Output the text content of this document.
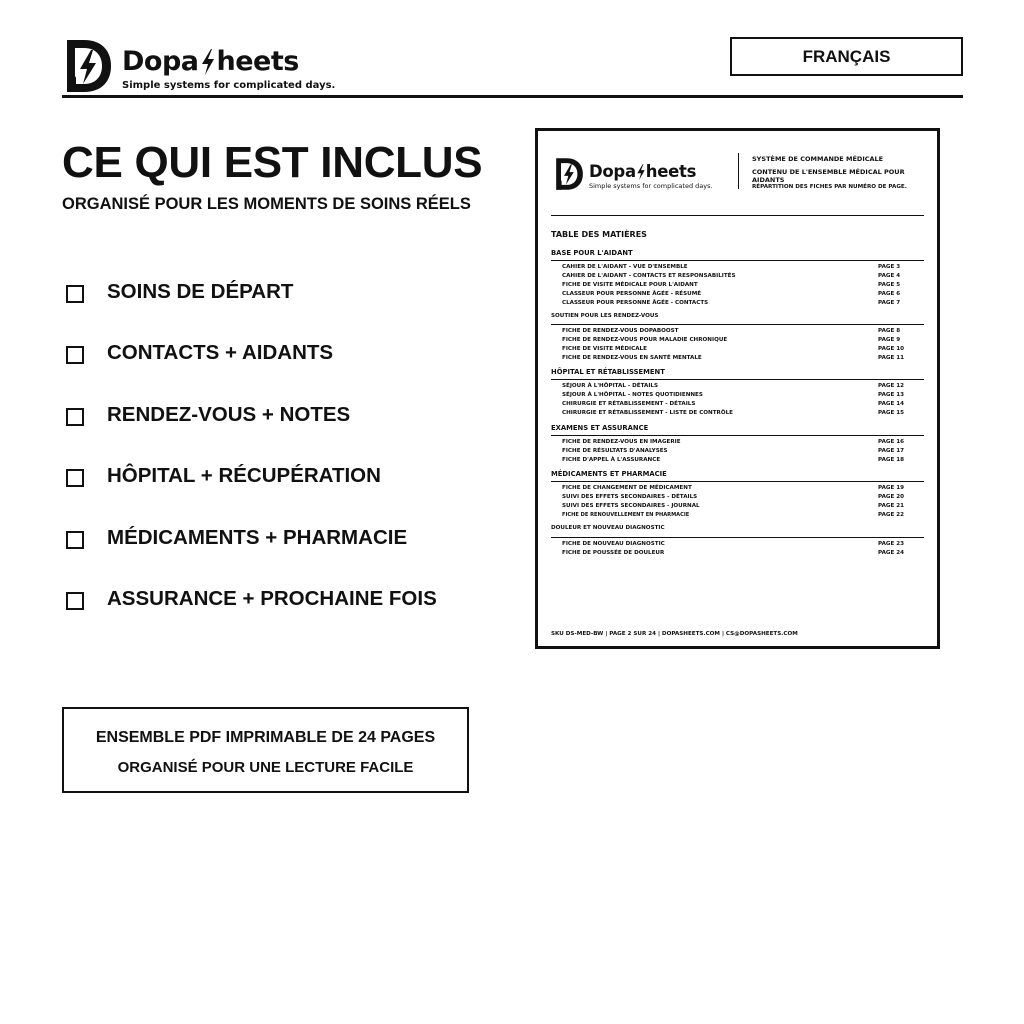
Dopa heets
Simple systems for complicated days.
FRANÇAIS
CE QUI EST INCLUS
ORGANISÉ POUR LES MOMENTS DE SOINS RÉELS
SOINS DE DÉPART
CONTACTS + AIDANTS
RENDEZ-VOUS + NOTES
HÔPITAL + RÉCUPÉRATION
MÉDICAMENTS + PHARMACIE
ASSURANCE + PROCHAINE FOIS
ENSEMBLE PDF IMPRIMABLE DE 24 PAGES
ORGANISÉ POUR UNE LECTURE FACILE
Dopa heets
Simple systems for complicated days.
SYSTÈME DE COMMANDE MÉDICALE
CONTENU DE L'ENSEMBLE MÉDICAL POUR AIDANTS
RÉPARTITION DES FICHES PAR NUMÉRO DE PAGE.
TABLE DES MATIÈRES
BASE POUR L'AIDANT
CAHIER DE L'AIDANT - VUE D'ENSEMBLE	PAGE 3
CAHIER DE L'AIDANT - CONTACTS ET RESPONSABILITÉS	PAGE 4
FICHE DE VISITE MÉDICALE POUR L'AIDANT	PAGE 5
CLASSEUR POUR PERSONNE ÂGÉE - RÉSUMÉ	PAGE 6
CLASSEUR POUR PERSONNE ÂGÉE - CONTACTS	PAGE 7
SOUTIEN POUR LES RENDEZ-VOUS
FICHE DE RENDEZ-VOUS DOPABOOST	PAGE 8
FICHE DE RENDEZ-VOUS POUR MALADIE CHRONIQUE	PAGE 9
FICHE DE VISITE MÉDICALE	PAGE 10
FICHE DE RENDEZ-VOUS EN SANTÉ MENTALE	PAGE 11
HÔPITAL ET RÉTABLISSEMENT
SÉJOUR À L'HÔPITAL - DÉTAILS	PAGE 12
SÉJOUR À L'HÔPITAL - NOTES QUOTIDIENNES	PAGE 13
CHIRURGIE ET RÉTABLISSEMENT - DÉTAILS	PAGE 14
CHIRURGIE ET RÉTABLISSEMENT - LISTE DE CONTRÔLE	PAGE 15
EXAMENS ET ASSURANCE
FICHE DE RENDEZ-VOUS EN IMAGERIE	PAGE 16
FICHE DE RÉSULTATS D'ANALYSES	PAGE 17
FICHE D'APPEL À L'ASSURANCE	PAGE 18
MÉDICAMENTS ET PHARMACIE
FICHE DE CHANGEMENT DE MÉDICAMENT	PAGE 19
SUIVI DES EFFETS SECONDAIRES - DÉTAILS	PAGE 20
SUIVI DES EFFETS SECONDAIRES - JOURNAL	PAGE 21
FICHE DE RENOUVELLEMENT EN PHARMACIE	PAGE 22
DOULEUR ET NOUVEAU DIAGNOSTIC
FICHE DE NOUVEAU DIAGNOSTIC	PAGE 23
FICHE DE POUSSÉE DE DOULEUR	PAGE 24
SKU DS-MED-BW | PAGE 2 SUR 24 | DOPASHEETS.COM | CS@DOPASHEETS.COM
